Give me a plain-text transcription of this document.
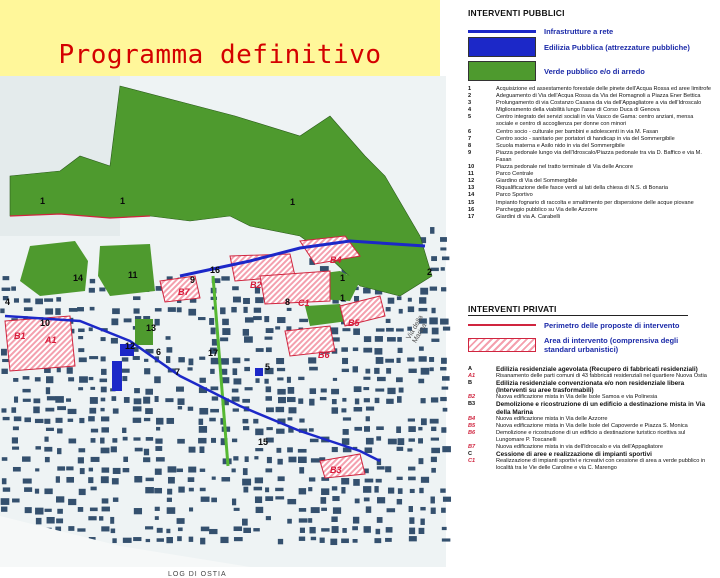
Programma definitivo
1	1
1
1
1
2
4
5
6
7
8
9
10
11
12
13
14
15
16
17
B4
B5
B2
B3
C1
B6
B7
A1
B1	Via della Marina
LOG DI OSTIA
INTERVENTI PUBBLICI
Infrastrutture a rete
Edilizia Pubblica (attrezzature pubbliche)
Verde pubblico e/o di arredo
1	Acquisizione ed assestamento forestale delle pinete dell'Acqua Rossa ed aree limitrofe
2	Adeguamento di Via dell'Acqua Rossa da Via dei Romagnoli a Piazza Ener Bettica
3	Prolungamento di via Costanzo Casana da via dell'Appagliatore a via dell'Idroscalo
4	Miglioramento della viabilità lungo l'asse di Corso Duca di Genova
5	Centro integrato dei servizi sociali in via Vasco de Gama: centro anziani, mensa sociale e centro di accoglienza per donne con minori
6	Centro socio - culturale per bambini e adolescenti in via M. Fasan
7	Centro socio - sanitario per portatori di handicap in via del Sommergibile
8	Scuola materna e Asilo nido in via del Sommergibile
9	Piazza pedonale lungo via dell'Idroscalo/Piazza pedonale tra via D. Baffico e via M. Fasan
10	Piazza pedonale nel tratto terminale di Via delle Ancore
11	Parco Centrale
12	Giardino di Via del Sommergibile
13	Riqualificazione delle fasce verdi ai lati della chiesa di N.S. di Bonaria
14	Parco Sportivo
15	Impianto fognario di raccolta e smaltimento per dispersione delle acque piovane
16	Parcheggio pubblico su Via delle Azzorre
17	Giardini di via A. Carabelli
INTERVENTI PRIVATI
Perimetro delle proposte di intervento
Area di intervento (comprensiva degli standard urbanistici)
A	Edilizia residenziale agevolata (Recupero di fabbricati residenziali)
A1	Risanamento delle parti comuni di 43 fabbricati residenziali nel quartiere Nuova Ostia
B	Edilizia residenziale convenzionata e/o non residenziale libera (Interventi su aree trasformabili)
B2	Nuova edificazione mista in Via delle Isole Samoa e via Polinesia
B3	Demolizione e ricostruzione di un edificio a destinazione mista in Via della Marina
B4	Nuova edificazione mista in Via delle Azzorre
B5	Nuova edificazione mista in Via delle Isole del Capoverde e Piazza S. Monica
B6	Demolizione e ricostruzione di un edificio a destinazione turistico ricettiva sul Lungomare P. Toscanelli
B7	Nuova edificazione mista in via dell'Idroscalo e via dell'Appagliatore
C	Cessione di aree e realizzazione di impianti sportivi
C1	Realizzazione di impianti sportivi e ricreativi con cessione di area a verde pubblico in località tra le Vie delle Caroline e via C. Marengo
